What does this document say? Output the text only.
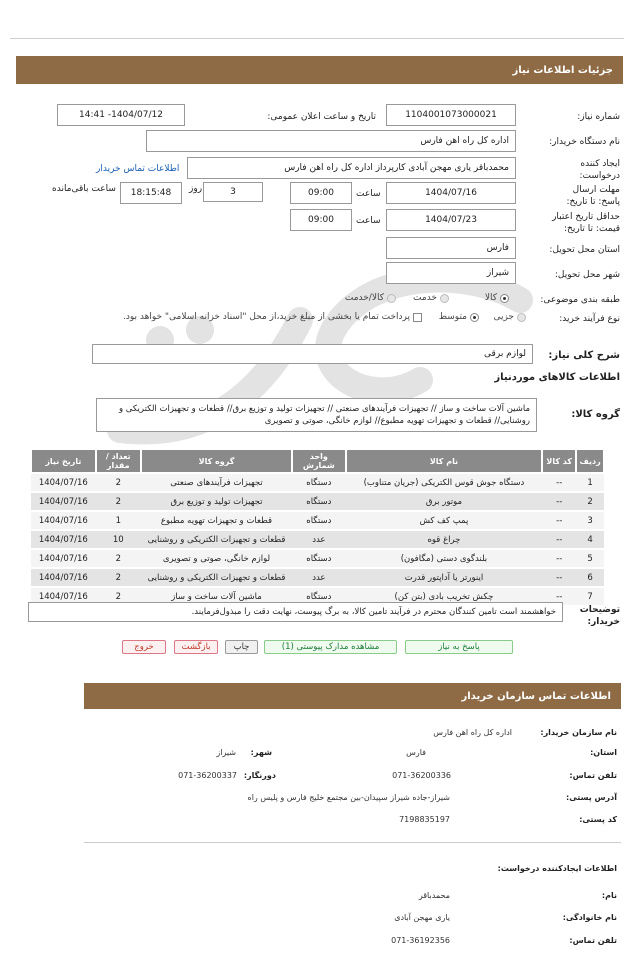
جزئیات اطلاعات نیاز
شماره نیاز:
1104001073000021
تاریخ و ساعت اعلان عمومی:
1404/07/12- 14:41
نام دستگاه خریدار:
اداره کل راه اهن فارس
ایجاد کننده درخواست:
محمدباقر یاری مهجن آبادی کارپرداز اداره کل راه اهن فارس
اطلاعات تماس خریدار
مهلت ارسال پاسخ: تا تاریخ:
1404/07/16
ساعت
09:00
3
روز
18:15:48
ساعت باقی‌مانده
حداقل تاریخ اعتبار قیمت: تا تاریخ:
1404/07/23
ساعت
09:00
استان محل تحویل:
فارس
شهر محل تحویل:
شیراز
طبقه بندی موضوعی:
کالا
خدمت
کالا/خدمت
نوع فرآیند خرید:
جزیی
متوسط
پرداخت تمام یا بخشی از مبلغ خرید،از محل "اسناد خزانه اسلامی" خواهد بود.
شرح کلی نیاز:
لوازم برقی
اطلاعات کالاهای موردنیاز
گروه کالا:
ماشین آلات ساخت و ساز // تجهیزات فرآیندهای صنعتی // تجهیزات تولید و توزیع برق// قطعات و تجهیزات الکتریکی و روشنایی// قطعات و تجهیزات تهویه مطبوع// لوازم خانگی، صوتی و تصویری
ردیف	کد کالا	نام کالا	واحد شمارش	گروه کالا	تعداد / مقدار	تاریخ نیاز
1	--	دستگاه جوش قوس الکتریکی (جریان متناوب)	دستگاه	تجهیزات فرآیندهای صنعتی	2	1404/07/16
2	--	موتور برق	دستگاه	تجهیزات تولید و توزیع برق	2	1404/07/16
3	--	پمپ کف کش	دستگاه	قطعات و تجهیزات تهویه مطبوع	1	1404/07/16
4	--	چراغ قوه	عدد	قطعات و تجهیزات الکتریکی و روشنایی	10	1404/07/16
5	--	بلندگوی دستی (مگافون)	دستگاه	لوازم خانگی، صوتی و تصویری	2	1404/07/16
6	--	اینورتر یا آداپتور قدرت	عدد	قطعات و تجهیزات الکتریکی و روشنایی	2	1404/07/16
7	--	چکش تخریب بادی (بتن کن)	دستگاه	ماشین آلات ساخت و ساز	2	1404/07/16
توضیحات خریدار:
خواهشمند است تامین کنندگان محترم در فرآیند تامین کالا، به برگ پیوست، نهایت دقت را مبذول‌فرمایند.
پاسخ به نیاز
مشاهده مدارک پیوستی (1)
چاپ
بازگشت
خروج
اطلاعات تماس سازمان خریدار
نام سازمان خریدار:
اداره کل راه اهن فارس
استان:
فارس
شهر:
شیراز
تلفن تماس:
071-36200336
دورنگار:
071-36200337
آدرس پستی:
شیراز-جاده شیراز سپیدان-بین مجتمع خلیج فارس و پلیس راه
کد پستی:
7198835197
اطلاعات ایجادکننده درخواست:
نام:
محمدباقر
نام خانوادگی:
یاری مهجن آبادی
تلفن تماس:
071-36192356
